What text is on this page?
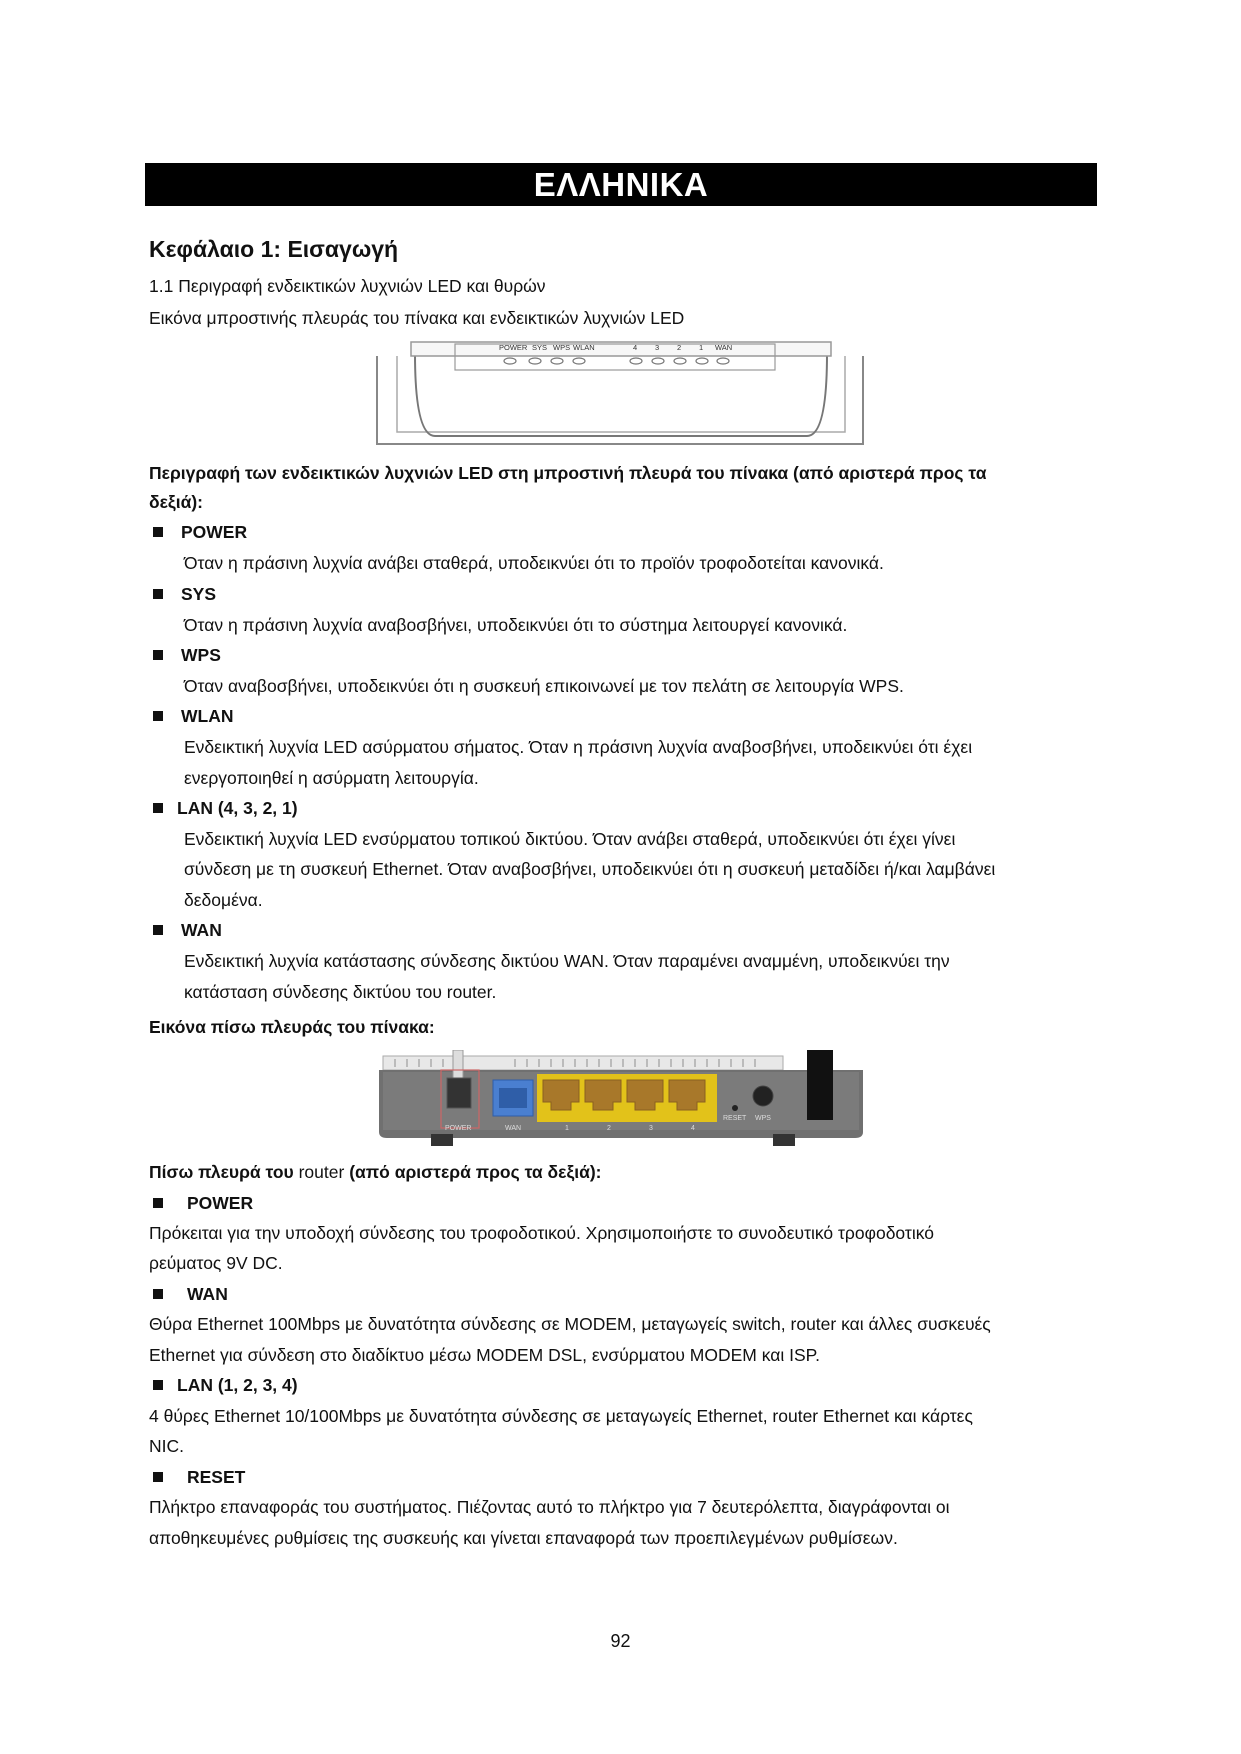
ΕΛΛΗΝΙΚΑ
Κεφάλαιο 1: Εισαγωγή
1.1 Περιγραφή ενδεικτικών λυχνιών LED και θυρών
Εικόνα μπροστινής πλευράς του πίνακα και ενδεικτικών λυχνιών LED
POWER SYS WPS WLAN	4 3 2 1 WAN
Περιγραφή των ενδεικτικών λυχνιών LED στη μπροστινή πλευρά του πίνακα (από αριστερά προς τα
δεξιά):
POWER
Όταν η πράσινη λυχνία ανάβει σταθερά, υποδεικνύει ότι το προϊόν τροφοδοτείται κανονικά.
SYS
Όταν η πράσινη λυχνία αναβοσβήνει, υποδεικνύει ότι το σύστημα λειτουργεί κανονικά.
WPS
Όταν αναβοσβήνει, υποδεικνύει ότι η συσκευή επικοινωνεί με τον πελάτη σε λειτουργία WPS.
WLAN
Ενδεικτική λυχνία LED ασύρματου σήματος. Όταν η πράσινη λυχνία αναβοσβήνει, υποδεικνύει ότι έχει
ενεργοποιηθεί η ασύρματη λειτουργία.
LAN (4, 3, 2, 1)
Ενδεικτική λυχνία LED ενσύρματου τοπικού δικτύου. Όταν ανάβει σταθερά, υποδεικνύει ότι έχει γίνει
σύνδεση με τη συσκευή Ethernet. Όταν αναβοσβήνει, υποδεικνύει ότι η συσκευή μεταδίδει ή/και λαμβάνει
δεδομένα.
WAN
Ενδεικτική λυχνία κατάστασης σύνδεσης δικτύου WAN. Όταν παραμένει αναμμένη, υποδεικνύει την
κατάσταση σύνδεσης δικτύου του router.
Εικόνα πίσω πλευράς του πίνακα:
POWER	WAN	1	2	3	4
RESET WPS
Πίσω πλευρά του router (από αριστερά προς τα δεξιά):
POWER
Πρόκειται για την υποδοχή σύνδεσης του τροφοδοτικού. Χρησιμοποιήστε το συνοδευτικό τροφοδοτικό
ρεύματος 9V DC.
WAN
Θύρα Ethernet 100Mbps με δυνατότητα σύνδεσης σε MODEM, μεταγωγείς switch, router και άλλες συσκευές
Ethernet για σύνδεση στο διαδίκτυο μέσω MODEM DSL, ενσύρματου MODEM και ISP.
LAN (1, 2, 3, 4)
4 θύρες Ethernet 10/100Mbps με δυνατότητα σύνδεσης σε μεταγωγείς Ethernet, router Ethernet και κάρτες
NIC.
RESET
Πλήκτρο επαναφοράς του συστήματος. Πιέζοντας αυτό το πλήκτρο για 7 δευτερόλεπτα, διαγράφονται οι
αποθηκευμένες ρυθμίσεις της συσκευής και γίνεται επαναφορά των προεπιλεγμένων ρυθμίσεων.
92
